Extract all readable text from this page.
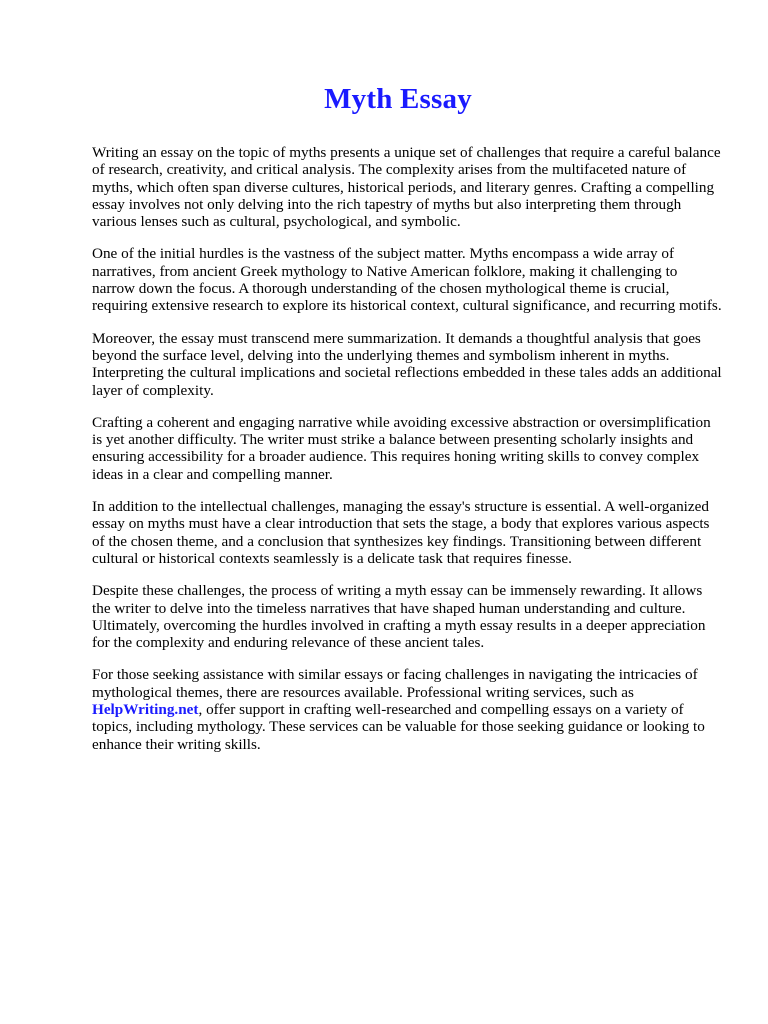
Myth Essay

Writing an essay on the topic of myths presents a unique set of challenges that require a careful balance of research, creativity, and critical analysis. The complexity arises from the multifaceted nature of myths, which often span diverse cultures, historical periods, and literary genres. Crafting a compelling essay involves not only delving into the rich tapestry of myths but also interpreting them through various lenses such as cultural, psychological, and symbolic.

One of the initial hurdles is the vastness of the subject matter. Myths encompass a wide array of narratives, from ancient Greek mythology to Native American folklore, making it challenging to narrow down the focus. A thorough understanding of the chosen mythological theme is crucial, requiring extensive research to explore its historical context, cultural significance, and recurring motifs.

Moreover, the essay must transcend mere summarization. It demands a thoughtful analysis that goes beyond the surface level, delving into the underlying themes and symbolism inherent in myths. Interpreting the cultural implications and societal reflections embedded in these tales adds an additional layer of complexity.

Crafting a coherent and engaging narrative while avoiding excessive abstraction or oversimplification is yet another difficulty. The writer must strike a balance between presenting scholarly insights and ensuring accessibility for a broader audience. This requires honing writing skills to convey complex ideas in a clear and compelling manner.

In addition to the intellectual challenges, managing the essay's structure is essential. A well-organized essay on myths must have a clear introduction that sets the stage, a body that explores various aspects of the chosen theme, and a conclusion that synthesizes key findings. Transitioning between different cultural or historical contexts seamlessly is a delicate task that requires finesse.

Despite these challenges, the process of writing a myth essay can be immensely rewarding. It allows the writer to delve into the timeless narratives that have shaped human understanding and culture. Ultimately, overcoming the hurdles involved in crafting a myth essay results in a deeper appreciation for the complexity and enduring relevance of these ancient tales.

For those seeking assistance with similar essays or facing challenges in navigating the intricacies of mythological themes, there are resources available. Professional writing services, such as HelpWriting.net, offer support in crafting well-researched and compelling essays on a variety of topics, including mythology. These services can be valuable for those seeking guidance or looking to enhance their writing skills.
